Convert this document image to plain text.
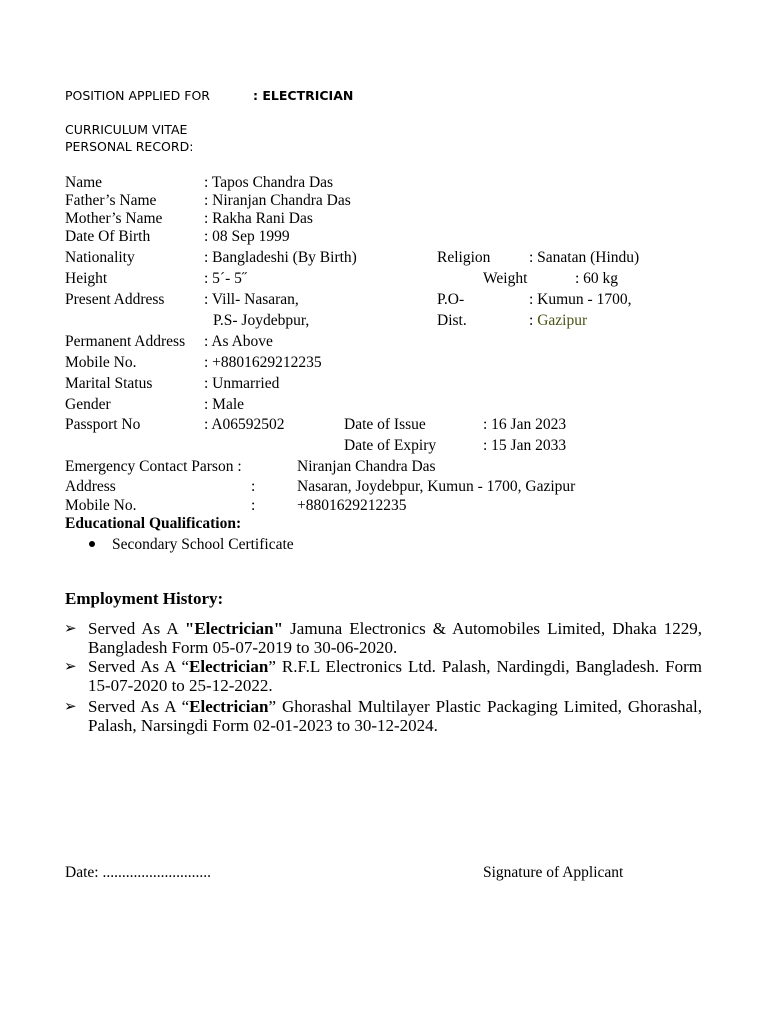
POSITION APPLIED FOR	: ELECTRICIAN
CURRICULUM VITAE
PERSONAL RECORD:
Name	: Tapos Chandra Das
Father’s Name	: Niranjan Chandra Das
Mother’s Name	: Rakha Rani Das
Date Of Birth	: 08 Sep 1999
Nationality	: Bangladeshi (By Birth)	Religion : Sanatan (Hindu)
Height	: 5´- 5˝	Weight	: 60 kg
Present Address	: Vill- Nasaran,	P.O-	: Kumun - 1700,
P.S- Joydebpur,	Dist.	: Gazipur
Permanent Address : As Above
Mobile No.	: +8801629212235
Marital Status	: Unmarried
Gender	: Male
Passport No	: A06592502	Date of Issue	: 16 Jan 2023
Date of Expiry	: 15 Jan 2033
Emergency Contact Parson :	Niranjan Chandra Das
Address	:	Nasaran, Joydebpur, Kumun - 1700, Gazipur
Mobile No.	:	+8801629212235
Educational Qualification:
Secondary School Certificate
Employment History:
➢ Served As A "Electrician" Jamuna Electronics & Automobiles Limited, Dhaka 1229, Bangladesh Form 05-07-2019 to 30-06-2020.
➢ Served As A “Electrician” R.F.L Electronics Ltd. Palash, Nardingdi, Bangladesh. Form 15-07-2020 to 25-12-2022.
➢ Served As A “Electrician” Ghorashal Multilayer Plastic Packaging Limited, Ghorashal, Palash, Narsingdi Form 02-01-2023 to 30-12-2024.
Date: ............................	Signature of Applicant
